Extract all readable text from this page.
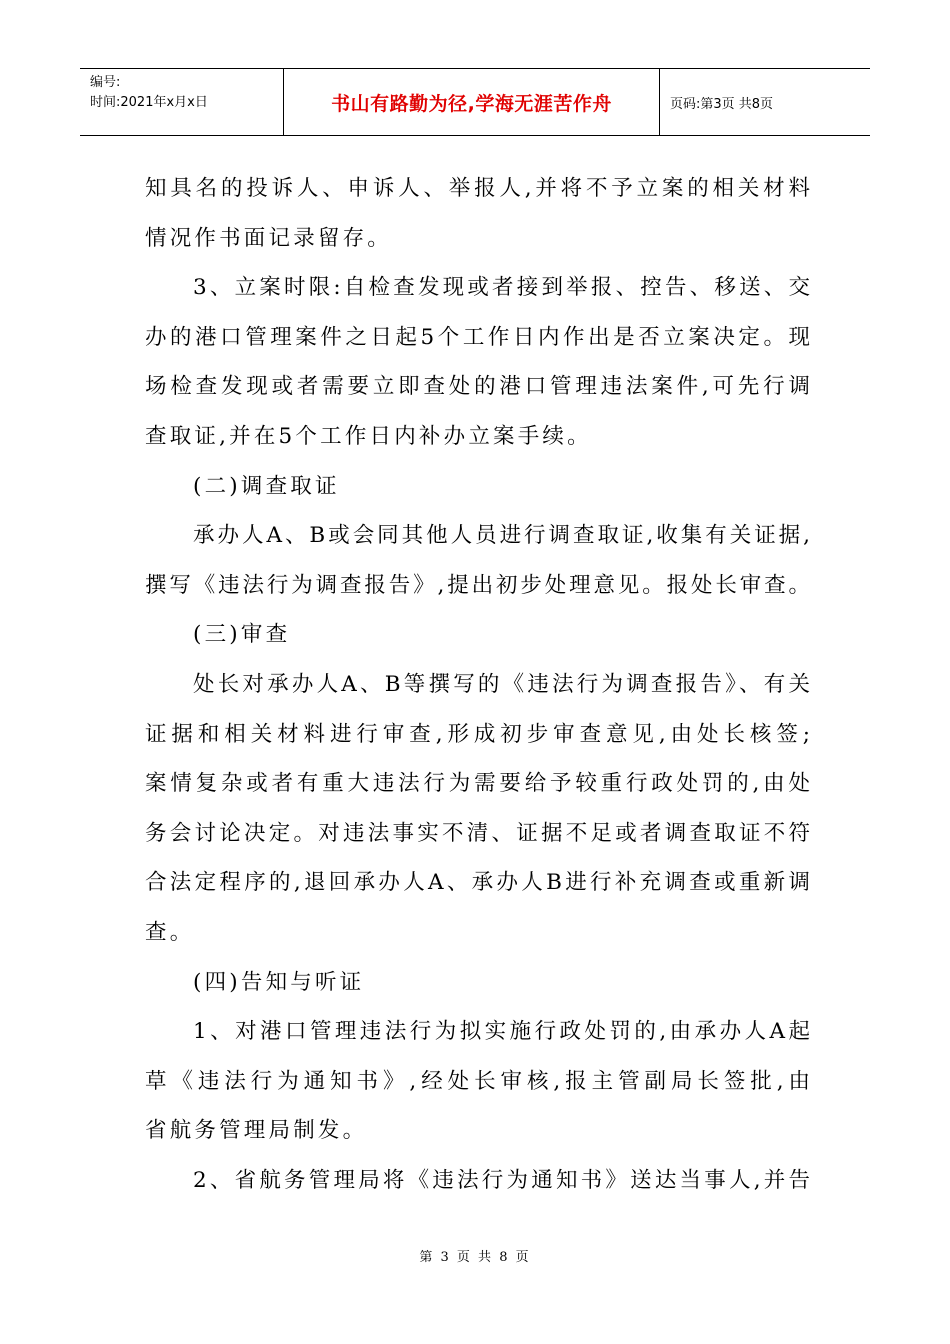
编号:
时间:2021年x月x日	书山有路勤为径,学海无涯苦作舟	页码:第3页 共8页
知具名的投诉人、申诉人、举报人,并将不予立案的相关材料
情况作书面记录留存。
3、立案时限:自检查发现或者接到举报、控告、移送、交
办的港口管理案件之日起5个工作日内作出是否立案决定。现
场检查发现或者需要立即查处的港口管理违法案件,可先行调
查取证,并在5个工作日内补办立案手续。
(二)调查取证
承办人A、B或会同其他人员进行调查取证,收集有关证据,
撰写《违法行为调查报告》,提出初步处理意见。报处长审查。
(三)审查
处长对承办人A、B等撰写的《违法行为调查报告》、有关
证据和相关材料进行审查,形成初步审查意见,由处长核签;
案情复杂或者有重大违法行为需要给予较重行政处罚的,由处
务会讨论决定。对违法事实不清、证据不足或者调查取证不符
合法定程序的,退回承办人A、承办人B进行补充调查或重新调
查。
(四)告知与听证
1、对港口管理违法行为拟实施行政处罚的,由承办人A起
草《违法行为通知书》,经处长审核,报主管副局长签批,由
省航务管理局制发。
2、省航务管理局将《违法行为通知书》送达当事人,并告
第 3 页 共 8 页
